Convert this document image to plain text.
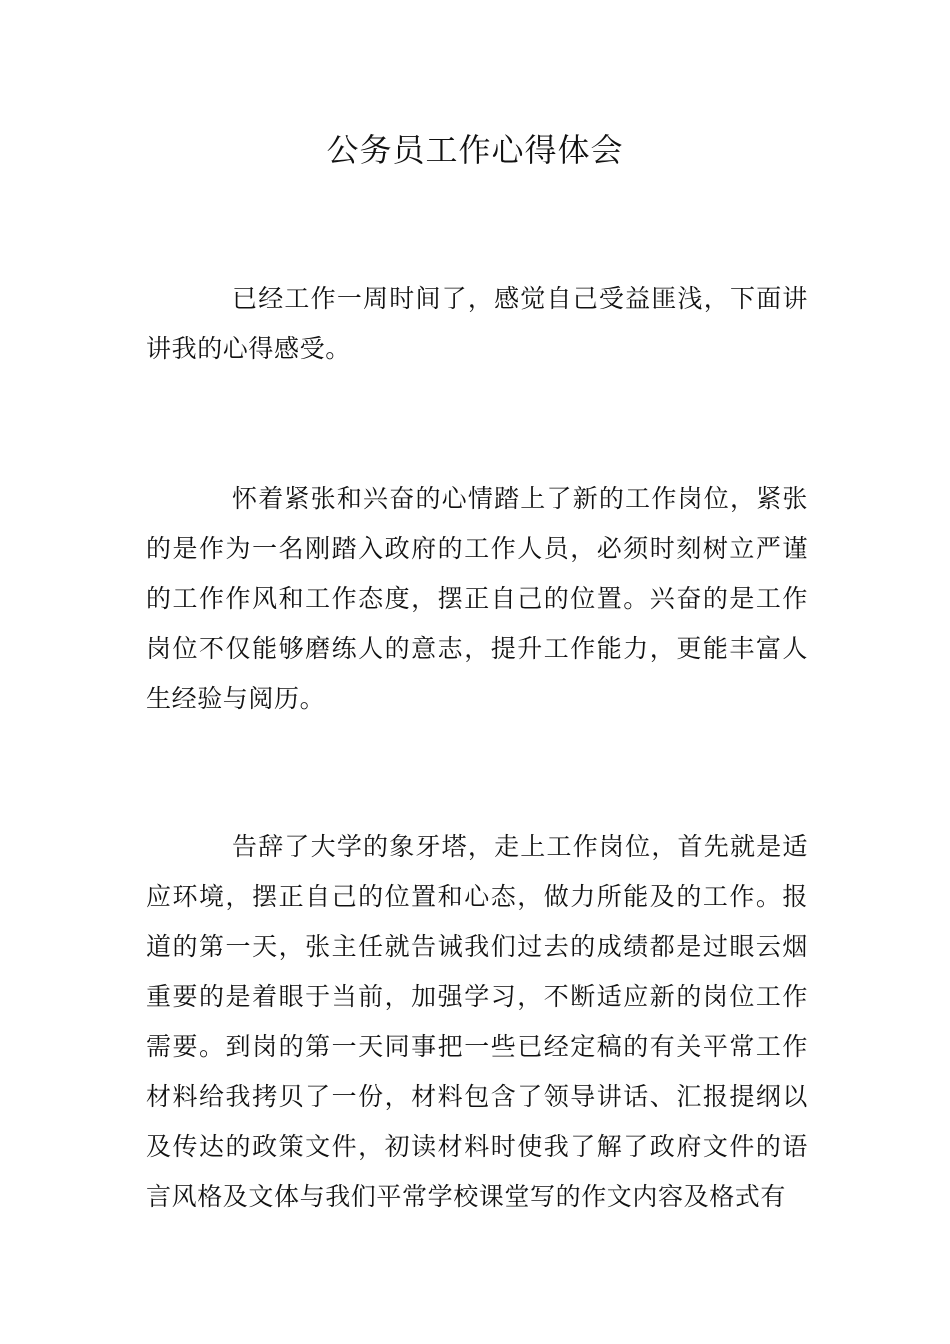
公务员工作心得体会

已经工作一周时间了，感觉自己受益匪浅，下面讲讲我的心得感受。

怀着紧张和兴奋的心情踏上了新的工作岗位，紧张的是作为一名刚踏入政府的工作人员，必须时刻树立严谨的工作作风和工作态度，摆正自己的位置。兴奋的是工作岗位不仅能够磨练人的意志，提升工作能力，更能丰富人生经验与阅历。

告辞了大学的象牙塔，走上工作岗位，首先就是适应环境，摆正自己的位置和心态，做力所能及的工作。报道的第一天，张主任就告诫我们过去的成绩都是过眼云烟重要的是着眼于当前，加强学习，不断适应新的岗位工作需要。到岗的第一天同事把一些已经定稿的有关平常工作材料给我拷贝了一份，材料包含了领导讲话、汇报提纲以及传达的政策文件，初读材料时使我了解了政府文件的语言风格及文体与我们平常学校课堂写的作文内容及格式有
